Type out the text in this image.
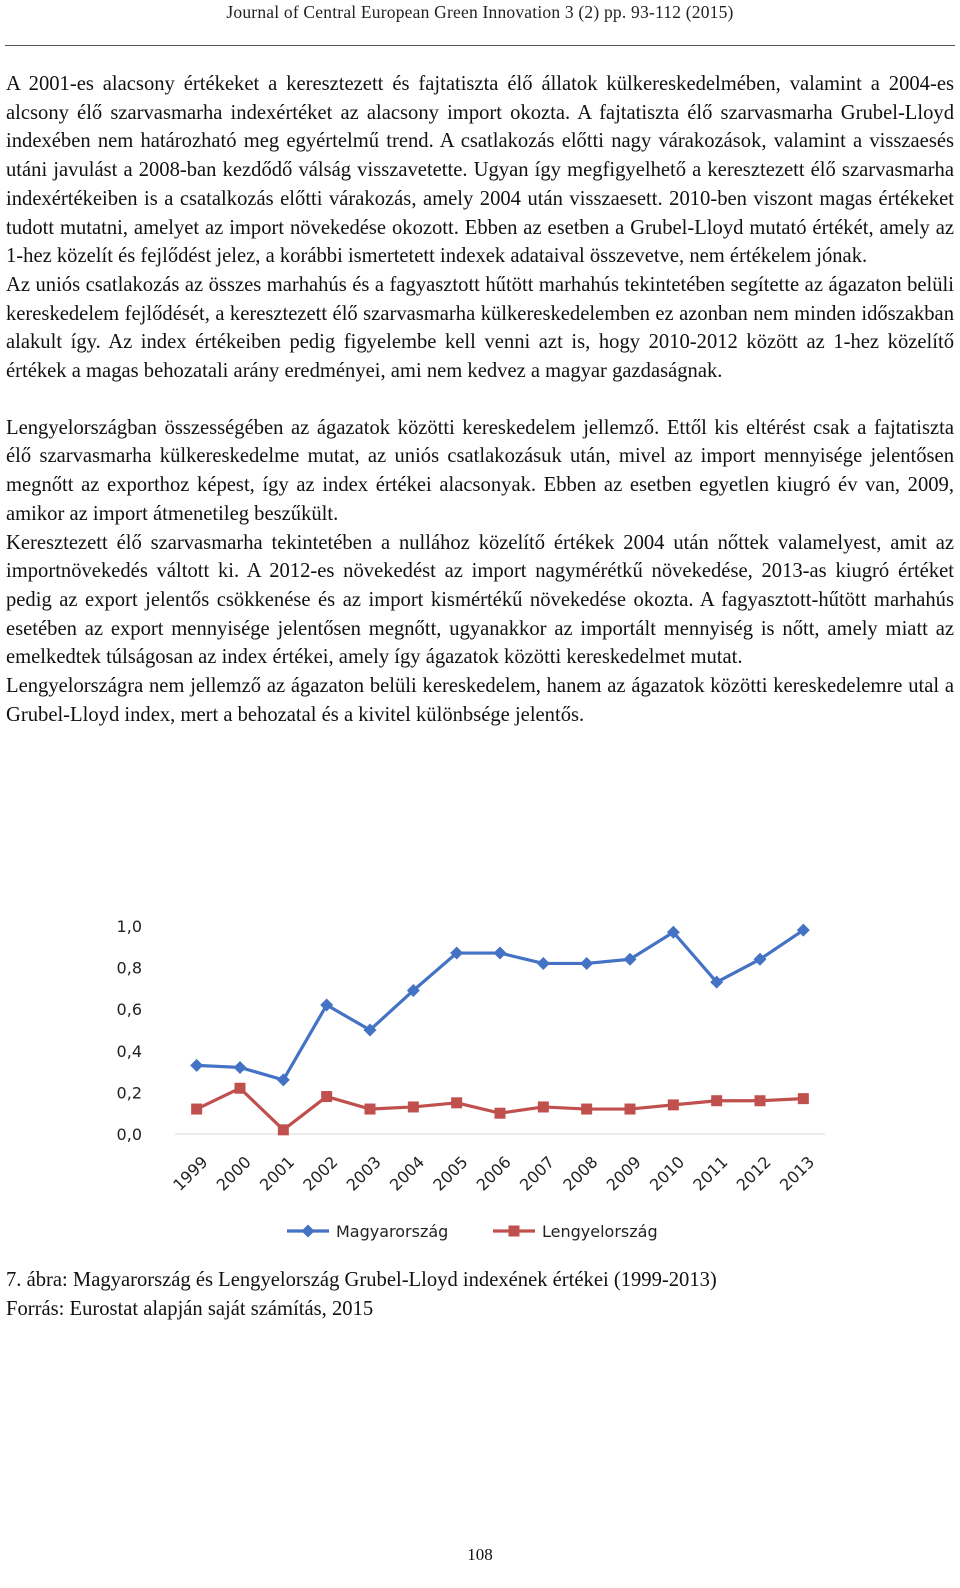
Journal of Central European Green Innovation 3 (2) pp. 93-112 (2015)

A 2001-es alacsony értékeket a keresztezett és fajtatiszta élő állatok külkereskedelmében, valamint a 2004-es alcsony élő szarvasmarha indexértéket az alacsony import okozta. A fajtatiszta élő szarvasmarha Grubel-Lloyd indexében nem határozható meg egyértelmű trend. A csatlakozás előtti nagy várakozások, valamint a visszaesés utáni javulást a 2008-ban kezdődő válság visszavetette. Ugyan így megfigyelhető a keresztezett élő szarvasmarha indexértékeiben is a csatalkozás előtti várakozás, amely 2004 után visszaesett. 2010-ben viszont magas értékeket tudott mutatni, amelyet az import növekedése okozott. Ebben az esetben a Grubel-Lloyd mutató értékét, amely az 1-hez közelít és fejlődést jelez, a korábbi ismertetett indexek adataival összevetve, nem értékelem jónak.

Az uniós csatlakozás az összes marhahús és a fagyasztott hűtött marhahús tekintetében segítette az ágazaton belüli kereskedelem fejlődését, a keresztezett élő szarvasmarha külkereskedelemben ez azonban nem minden időszakban alakult így. Az index értékeiben pedig figyelembe kell venni azt is, hogy 2010-2012 között az 1-hez közelítő értékek a magas behozatali arány eredményei, ami nem kedvez a magyar gazdaságnak.

Lengyelországban összességében az ágazatok közötti kereskedelem jellemző. Ettől kis eltérést csak a fajtatiszta élő szarvasmarha külkereskedelme mutat, az uniós csatlakozásuk után, mivel az import mennyisége jelentősen megnőtt az exporthoz képest, így az index értékei alacsonyak. Ebben az esetben egyetlen kiugró év van, 2009, amikor az import átmenetileg beszűkült.

Keresztezett élő szarvasmarha tekintetében a nullához közelítő értékek 2004 után nőttek valamelyest, amit az importnövekedés váltott ki. A 2012-es növekedést az import nagymérétkű növekedése, 2013-as kiugró értéket pedig az export jelentős csökkenése és az import kismértékű növekedése okozta. A fagyasztott-hűtött marhahús esetében az export mennyisége jelentősen megnőtt, ugyanakkor az importált mennyiség is nőtt, amely miatt az emelkedtek túlságosan az index értékei, amely így ágazatok közötti kereskedelmet mutat.

Lengyelországra nem jellemző az ágazaton belüli kereskedelem, hanem az ágazatok közötti kereskedelemre utal a Grubel-Lloyd index, mert a behozatal és a kivitel különbsége jelentős.

0,0
0,2
0,4
0,6
0,8
1,0
1999 2000 2001 2002 2003 2004 2005 2006 2007 2008 2009 2010 2011 2012 2013
Magyarország	Lengyelország
7. ábra: Magyarország és Lengyelország Grubel-Lloyd indexének értékei (1999-2013)
Forrás: Eurostat alapján saját számítás, 2015
108
